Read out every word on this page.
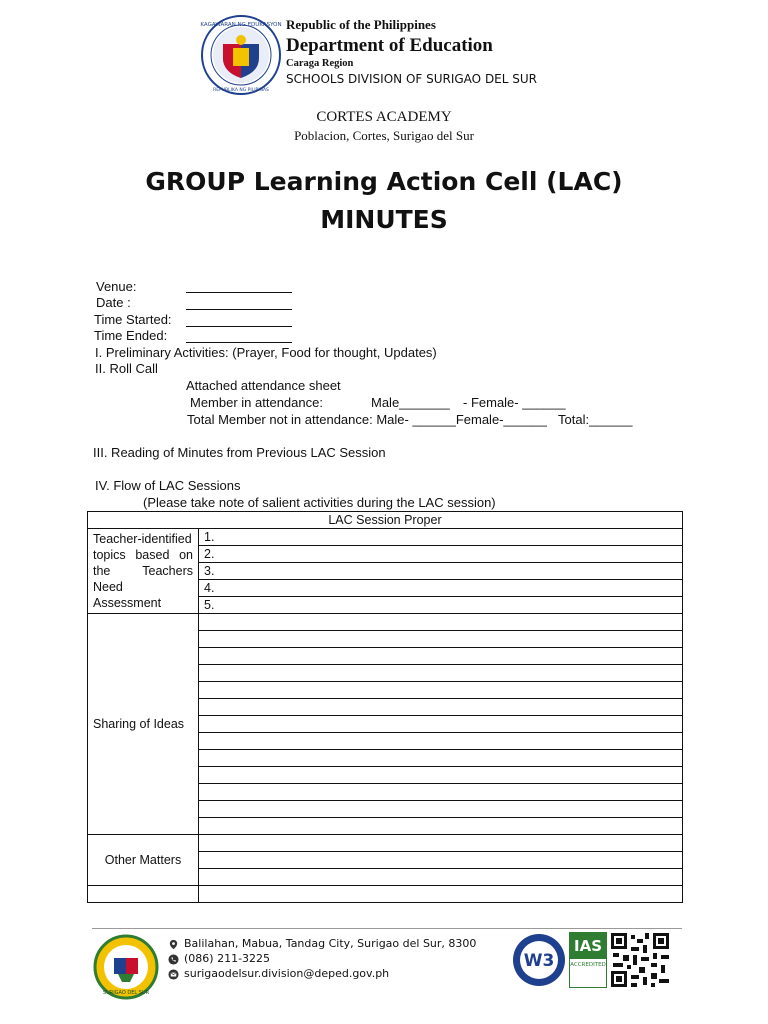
KAGAWARAN NG EDUKASYON
REPUBLIKA NG PILIPINAS
Republic of the Philippines
Department of Education
Caraga Region
SCHOOLS DIVISION OF SURIGAO DEL SUR
CORTES ACADEMY
Poblacion, Cortes, Surigao del Sur
GROUP Learning Action Cell (LAC)
MINUTES
Venue:
Date :
Time Started:
Time Ended:
I. Preliminary Activities: (Prayer, Food for thought, Updates)
II. Roll Call
Attached attendance sheet
Member in attendance:	Male_______ - Female- ______
Total Member not in attendance: Male- ______Female-______ Total:______
III. Reading of Minutes from Previous LAC Session
IV. Flow of LAC Sessions
(Please take note of salient activities during the LAC session)
LAC Session Proper	
Teacher-identified topics based on the Teachers Need Assessment	1.
	2.
	3.
	4.
	5.
Sharing of Ideas	

Other Matters	

SURIGAO DEL SUR
Balilahan, Mabua, Tandag City, Surigao del Sur, 8300
(086) 211-3225
surigaodelsur.division@deped.gov.ph
W3
IAS
ACCREDITED
